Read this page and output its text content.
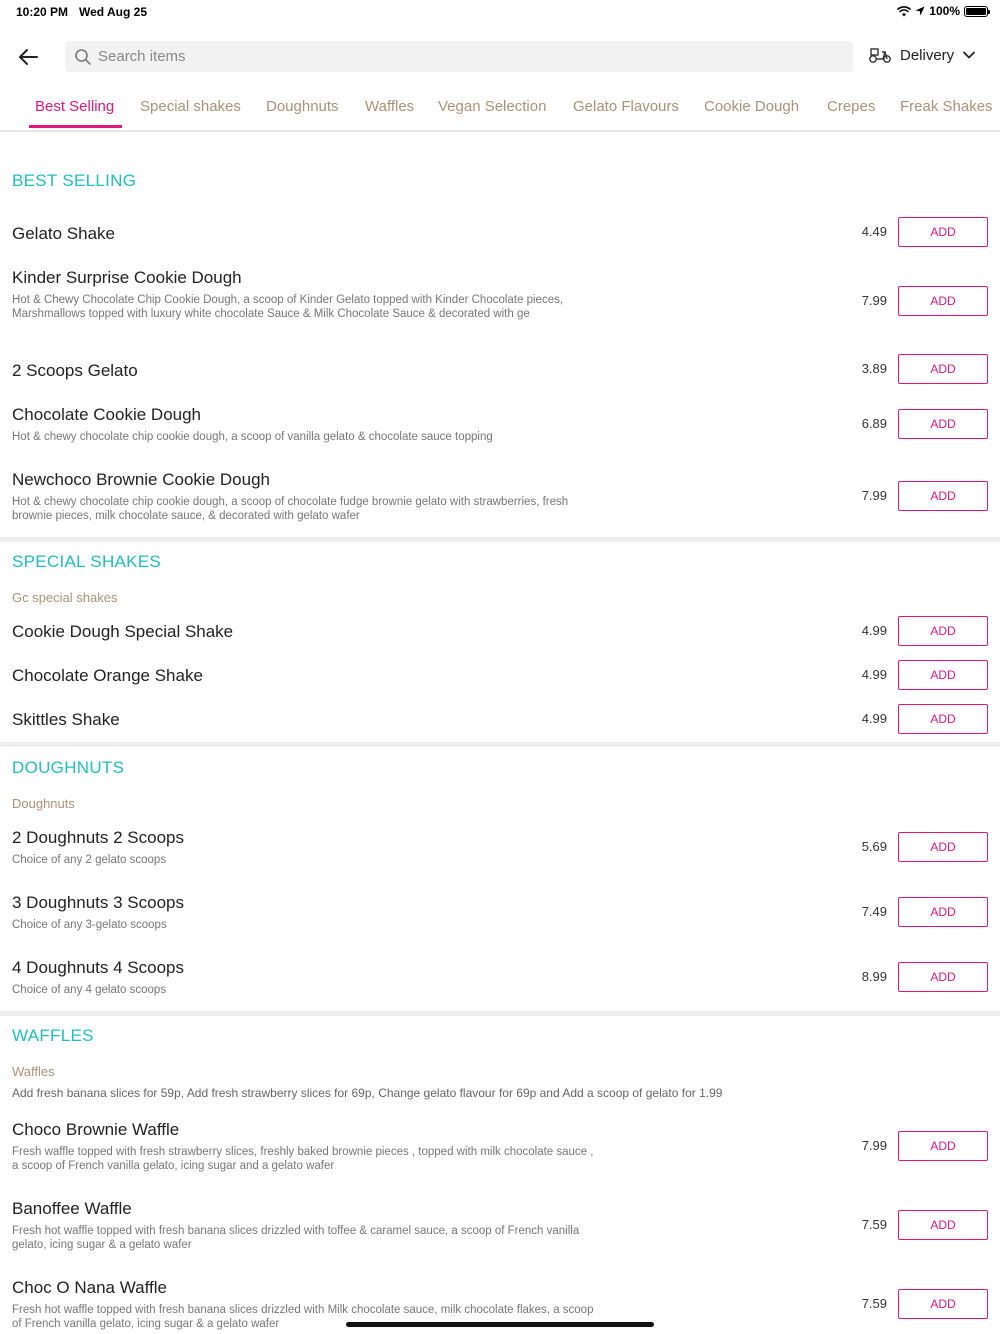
10:20 PM Wed Aug 25	100%
Search items
Delivery
Best Selling Special shakes Doughnuts Waffles Vegan Selection Gelato Flavours Cookie Dough Crepes Freak Shakes
BEST SELLING
Gelato Shake	4.49	ADD
Kinder Surprise Cookie Dough
Hot & Chewy Chocolate Chip Cookie Dough, a scoop of Kinder Gelato topped with Kinder Chocolate pieces, Marshmallows topped with luxury white chocolate Sauce & Milk Chocolate Sauce & decorated with ge
7.99	ADD
2 Scoops Gelato	3.89	ADD
Chocolate Cookie Dough
Hot & chewy chocolate chip cookie dough, a scoop of vanilla gelato & chocolate sauce topping
6.89	ADD
Newchoco Brownie Cookie Dough
Hot & chewy chocolate chip cookie dough, a scoop of chocolate fudge brownie gelato with strawberries, fresh brownie pieces, milk chocolate sauce, & decorated with gelato wafer
7.99	ADD
SPECIAL SHAKES
Gc special shakes
Cookie Dough Special Shake	4.99	ADD
Chocolate Orange Shake	4.99	ADD
Skittles Shake	4.99	ADD
DOUGHNUTS
Doughnuts
2 Doughnuts 2 Scoops
Choice of any 2 gelato scoops
5.69	ADD
3 Doughnuts 3 Scoops
Choice of any 3-gelato scoops
7.49	ADD
4 Doughnuts 4 Scoops
Choice of any 4 gelato scoops
8.99	ADD
WAFFLES
Waffles
Add fresh banana slices for 59p, Add fresh strawberry slices for 69p, Change gelato flavour for 69p and Add a scoop of gelato for 1.99
Choco Brownie Waffle
Fresh waffle topped with fresh strawberry slices, freshly baked brownie pieces , topped with milk chocolate sauce , a scoop of French vanilla gelato, icing sugar and a gelato wafer
7.99	ADD
Banoffee Waffle
Fresh hot waffle topped with fresh banana slices drizzled with toffee & caramel sauce, a scoop of French vanilla gelato, icing sugar & a gelato wafer
7.59	ADD
Choc O Nana Waffle
Fresh hot waffle topped with fresh banana slices drizzled with Milk chocolate sauce, milk chocolate flakes, a scoop of French vanilla gelato, icing sugar & a gelato wafer
7.59	ADD
